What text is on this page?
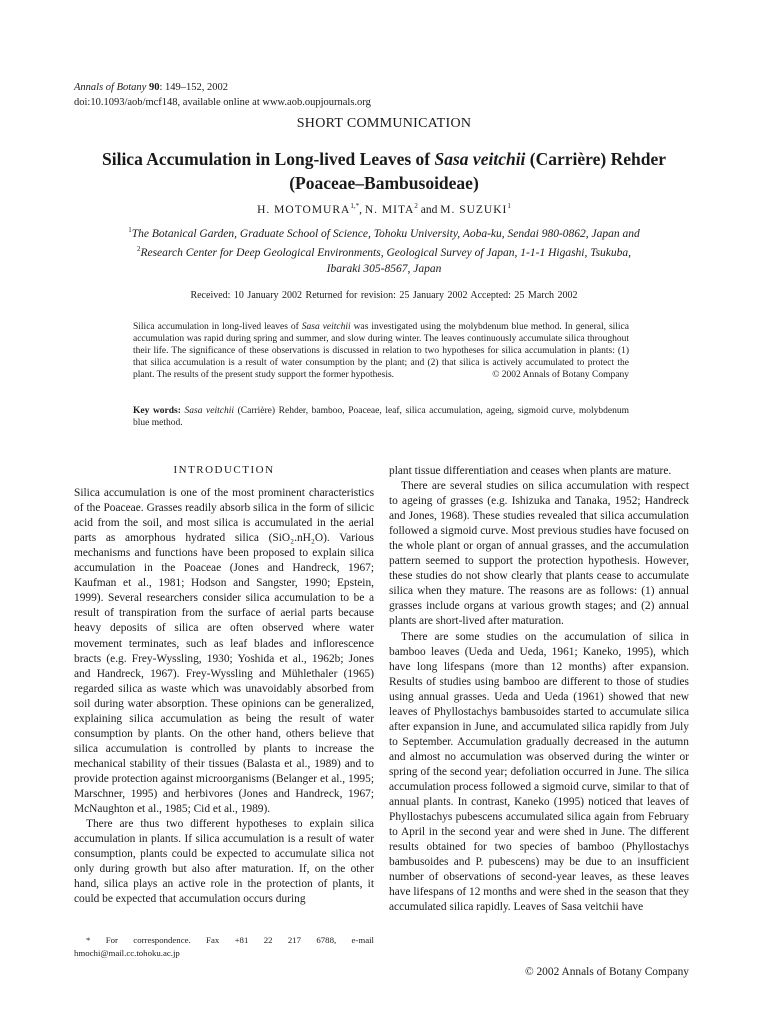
Annals of Botany 90: 149–152, 2002
doi:10.1093/aob/mcf148, available online at www.aob.oupjournals.org
SHORT COMMUNICATION
Silica Accumulation in Long-lived Leaves of Sasa veitchii (Carrière) Rehder
(Poaceae–Bambusoideae)
H. $MOTOMURA^{1,*}$, N. MITA$^2$ and M. SUZUKI$^1$
$^1$The Botanical Garden, Graduate School of Science, Tohoku University, Aoba-ku, Sendai 980-0862, Japan and
$^2$Research Center for Deep Geological Environments, Geological Survey of Japan, 1-1-1 Higashi, Tsukuba,
Ibaraki 305-8567, Japan
Received: 10 January 2002 Returned for revision: 25 January 2002 Accepted: 25 March 2002
Silica accumulation in long-lived leaves of Sasa veitchii was investigated using the molybdenum blue method. In general, silica accumulation was rapid during spring and summer, and slow during winter. The leaves continuously accumulate silica throughout their life. The significance of these observations is discussed in relation to two hypotheses for silica accumulation in plants: (1) that silica accumulation is a result of water consumption by the plant; and (2) that silica is actively accumulated to protect the plant. The results of the present study support the former hypothesis.	© 2002 Annals of Botany Company
Key words: Sasa veitchii (Carrière) Rehder, bamboo, Poaceae, leaf, silica accumulation, ageing, sigmoid curve, molybdenum blue method.
INTRODUCTION

Silica accumulation is one of the most prominent characteristics of the Poaceae. Grasses readily absorb silica in the form of silicic acid from the soil, and most silica is accumulated in the aerial parts as amorphous hydrated silica (SiO₂.nH₂O). Various mechanisms and functions have been proposed to explain silica accumulation in the Poaceae (Jones and Handreck, 1967; Kaufman et al., 1981; Hodson and Sangster, 1990; Epstein, 1999). Several researchers consider silica accumulation to be a result of transpiration from the surface of aerial parts because heavy deposits of silica are often observed where water movement terminates, such as leaf blades and inflorescence bracts (e.g. Frey-Wyssling, 1930; Yoshida et al., 1962b; Jones and Handreck, 1967). Frey-Wyssling and Mühlethaler (1965) regarded silica as waste which was unavoidably absorbed from soil during water absorption. These opinions can be generalized, explaining silica accumulation as being the result of water consumption by plants. On the other hand, others believe that silica accumulation is controlled by plants to increase the mechanical stability of their tissues (Balasta et al., 1989) and to provide protection against microorganisms (Belanger et al., 1995; Marschner, 1995) and herbivores (Jones and Handreck, 1967; McNaughton et al., 1985; Cid et al., 1989).

There are thus two different hypotheses to explain silica accumulation in plants. If silica accumulation is a result of water consumption, plants could be expected to accumulate silica not only during growth but also after maturation. If, on the other hand, silica plays an active role in the protection of plants, it could be expected that accumulation occurs during

plant tissue differentiation and ceases when plants are mature.

There are several studies on silica accumulation with respect to ageing of grasses (e.g. Ishizuka and Tanaka, 1952; Handreck and Jones, 1968). These studies revealed that silica accumulation followed a sigmoid curve. Most previous studies have focused on the whole plant or organ of annual grasses, and the accumulation pattern seemed to support the protection hypothesis. However, these studies do not show clearly that plants cease to accumulate silica when they mature. The reasons are as follows: (1) annual grasses include organs at various growth stages; and (2) annual plants are short-lived after maturation.

There are some studies on the accumulation of silica in bamboo leaves (Ueda and Ueda, 1961; Kaneko, 1995), which have long lifespans (more than 12 months) after expansion. Results of studies using bamboo are different to those of studies using annual grasses. Ueda and Ueda (1961) showed that new leaves of Phyllostachys bambusoides started to accumulate silica after expansion in June, and accumulated silica rapidly from July to September. Accumulation gradually decreased in the autumn and almost no accumulation was observed during the winter or spring of the second year; defoliation occurred in June. The silica accumulation process followed a sigmoid curve, similar to that of annual plants. In contrast, Kaneko (1995) noticed that leaves of Phyllostachys pubescens accumulated silica again from February to April in the second year and were shed in June. The different results obtained for two species of bamboo (Phyllostachys bambusoides and P. pubescens) may be due to an insufficient number of observations of second-year leaves, as these leaves have lifespans of 12 months and were shed in the season that they accumulated silica rapidly. Leaves of Sasa veitchii have

* For correspondence. Fax +81 22 217 6788, e-mail hmochi@mail.cc.tohoku.ac.jp
© 2002 Annals of Botany Company
